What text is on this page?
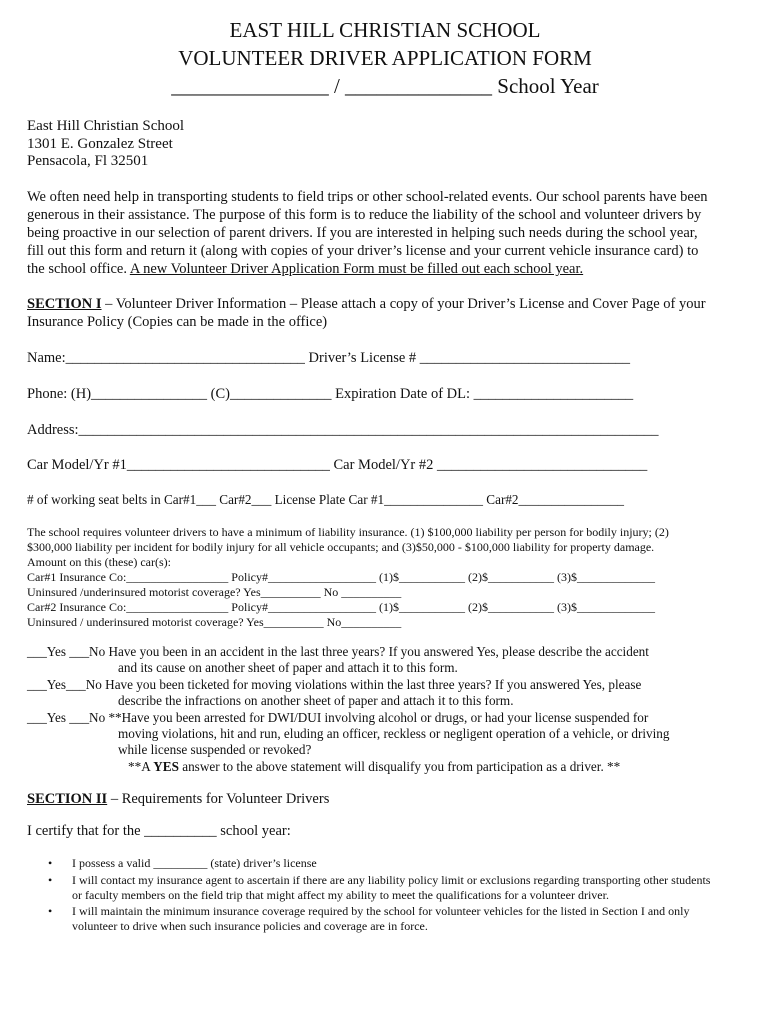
EAST HILL CHRISTIAN SCHOOL
VOLUNTEER DRIVER APPLICATION FORM
_______________ / ______________ School Year
East Hill Christian School
1301 E. Gonzalez Street
Pensacola, Fl 32501
We often need help in transporting students to field trips or other school-related events. Our school parents have been
generous in their assistance. The purpose of this form is to reduce the liability of the school and volunteer drivers by
being proactive in our selection of parent drivers. If you are interested in helping such needs during the school year,
fill out this form and return it (along with copies of your driver’s license and your current vehicle insurance card) to
the school office. A new Volunteer Driver Application Form must be filled out each school year.
SECTION I – Volunteer Driver Information – Please attach a copy of your Driver’s License and Cover Page of your
Insurance Policy (Copies can be made in the office)
Name:_________________________________ Driver’s License # _____________________________
Phone: (H)________________ (C)______________ Expiration Date of DL: ______________________
Address:________________________________________________________________________________
Car Model/Yr #1____________________________ Car Model/Yr #2 _____________________________
# of working seat belts in Car#1___ Car#2___ License Plate Car #1_______________ Car#2________________
The school requires volunteer drivers to have a minimum of liability insurance. (1) $100,000 liability per person for bodily injury; (2)
$300,000 liability per incident for bodily injury for all vehicle occupants; and (3)$50,000 - $100,000 liability for property damage.
Amount on this (these) car(s):
Car#1 Insurance Co:_________________ Policy#__________________ (1)$___________ (2)$___________ (3)$_____________
Uninsured /underinsured motorist coverage? Yes__________ No __________
Car#2 Insurance Co:_________________ Policy#__________________ (1)$___________ (2)$___________ (3)$_____________
Uninsured / underinsured motorist coverage? Yes__________ No__________
___Yes ___No Have you been in an accident in the last three years? If you answered Yes, please describe the accident
and its cause on another sheet of paper and attach it to this form.
___Yes___No Have you been ticketed for moving violations within the last three years? If you answered Yes, please
describe the infractions on another sheet of paper and attach it to this form.
___Yes ___No **Have you been arrested for DWI/DUI involving alcohol or drugs, or had your license suspended for
moving violations, hit and run, eluding an officer, reckless or negligent operation of a vehicle, or driving
while license suspended or revoked?
**A YES answer to the above statement will disqualify you from participation as a driver. **
SECTION II – Requirements for Volunteer Drivers
I certify that for the __________ school year:
• I possess a valid _________ (state) driver’s license
• I will contact my insurance agent to ascertain if there are any liability policy limit or exclusions regarding transporting other students
or faculty members on the field trip that might affect my ability to meet the qualifications for a volunteer driver.
• I will maintain the minimum insurance coverage required by the school for volunteer vehicles for the listed in Section I and only
volunteer to drive when such insurance policies and coverage are in force.
